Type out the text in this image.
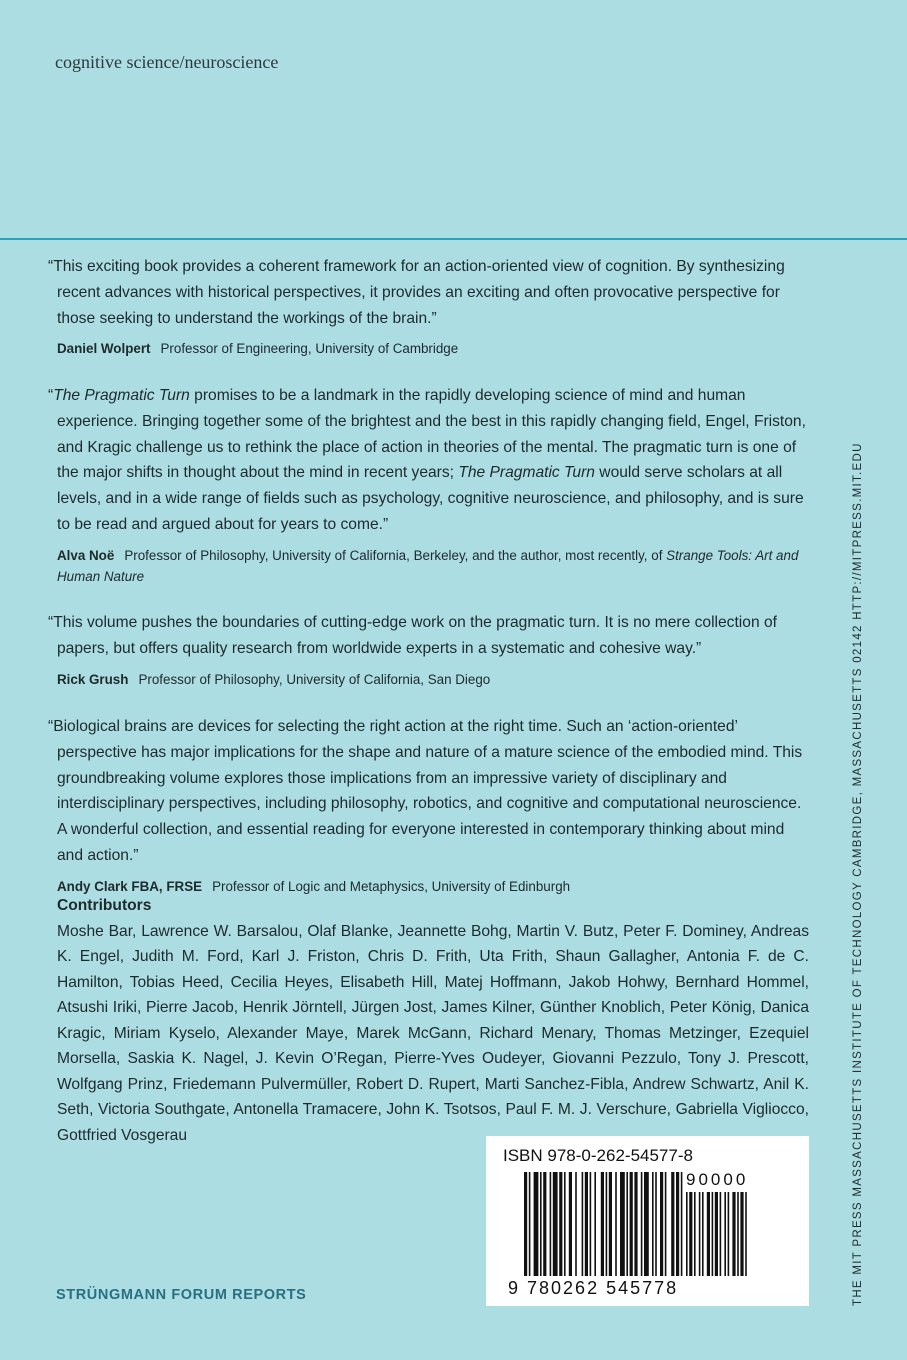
cognitive science/neuroscience

“This exciting book provides a coherent framework for an action-oriented view of cognition. By synthesizing recent advances with historical perspectives, it provides an exciting and often provocative perspective for those seeking to understand the workings of the brain.”

Daniel Wolpert Professor of Engineering, University of Cambridge

“The Pragmatic Turn promises to be a landmark in the rapidly developing science of mind and human experience. Bringing together some of the brightest and the best in this rapidly changing field, Engel, Friston, and Kragic challenge us to rethink the place of action in theories of the mental. The pragmatic turn is one of the major shifts in thought about the mind in recent years; The Pragmatic Turn would serve scholars at all levels, and in a wide range of fields such as psychology, cognitive neuroscience, and philosophy, and is sure to be read and argued about for years to come.”

Alva Noë Professor of Philosophy, University of California, Berkeley, and the author, most recently, of Strange Tools: Art and Human Nature

“This volume pushes the boundaries of cutting-edge work on the pragmatic turn. It is no mere collection of papers, but offers quality research from worldwide experts in a systematic and cohesive way.”

Rick Grush Professor of Philosophy, University of California, San Diego

“Biological brains are devices for selecting the right action at the right time. Such an ‘action-oriented’ perspective has major implications for the shape and nature of a mature science of the embodied mind. This groundbreaking volume explores those implications from an impressive variety of disciplinary and interdisciplinary perspectives, including philosophy, robotics, and cognitive and computational neuroscience. A wonderful collection, and essential reading for everyone interested in contemporary thinking about mind and action.”

Andy Clark FBA, FRSE Professor of Logic and Metaphysics, University of Edinburgh
Contributors

Moshe Bar, Lawrence W. Barsalou, Olaf Blanke, Jeannette Bohg, Martin V. Butz, Peter F. Dominey, Andreas K. Engel, Judith M. Ford, Karl J. Friston, Chris D. Frith, Uta Frith, Shaun Gallagher, Antonia F. de C. Hamilton, Tobias Heed, Cecilia Heyes, Elisabeth Hill, Matej Hoffmann, Jakob Hohwy, Bernhard Hommel, Atsushi Iriki, Pierre Jacob, Henrik Jörntell, Jürgen Jost, James Kilner, Günther Knoblich, Peter König, Danica Kragic, Miriam Kyselo, Alexander Maye, Marek McGann, Richard Menary, Thomas Metzinger, Ezequiel Morsella, Saskia K. Nagel, J. Kevin O’Regan, Pierre-Yves Oudeyer, Giovanni Pezzulo, Tony J. Prescott, Wolfgang Prinz, Friedemann Pulvermüller, Robert D. Rupert, Marti Sanchez-Fibla, Andrew Schwartz, Anil K. Seth, Victoria Southgate, Antonella Tramacere, John K. Tsotsos, Paul F. M. J. Verschure, Gabriella Vigliocco, Gottfried Vosgerau

ISBN 978-0-262-54577-8
90000
9 780262 545778
STRÜNGMANN FORUM REPORTS	THE MIT PRESS MASSACHUSETTS INSTITUTE OF TECHNOLOGY CAMBRIDGE, MASSACHUSETTS 02142 HTTP://MITPRESS.MIT.EDU
